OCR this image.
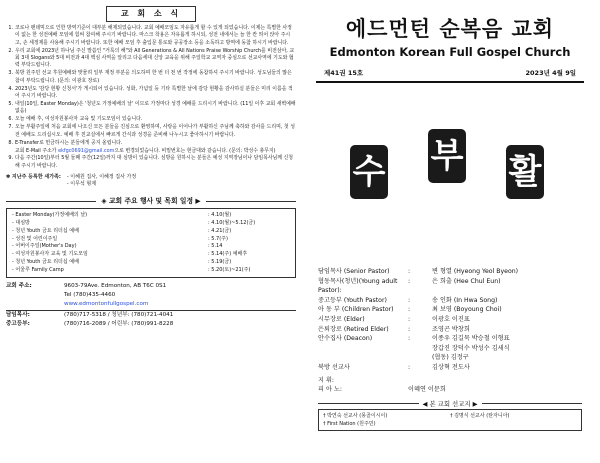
교 회 소 식
1. 코로나 팬데믹으로 인한 방역기준이 대부분 해제되었습니다. 교회 예배모임도 자유롭게 할 수 있게 되었습니다. 이제는 특별한 사정이 없는 한 성전예배 모임에 힘써 참여해 주시기 바랍니다. 마스크 착용은 자유롭게 하시되, 성전 내에서는 늘 한 칸 띄어 앉아 주시고, 손 세정제를 사용해 주시기 바랍니다. 또한 예배 모임 후 출입문 통로와 공공장소 등을 소독하고 방역에 동참 하시기 바랍니다.
2. 우리 교회에 2023년 하나님 주신 말씀인 "거룩의 해"와 All Generations & All Nations Praise Worship Church를 비전삼아, 교회 3대 Slogans와 5대 비전과 4대 핵심 사역을 알리고 다음세대 신앙 교육을 위해 주일학교 교역자 중심으로 선교사역에 기도와 협력 부탁드립니다.
3. 북방 원주민 선교 후원예배와 맞물려 일부 재정 부분을 의도하며 한 번 더 천 번 작정에 동참하셔 주시기 바랍니다. 성도님들의 많은 참여 부탁드립니다. (문의: 이광호 장로)
4. 2023년도 '감당 현황 신청서'가 게시되어 있습니다. 성화, 가념일 등 기타 특별한 날에 감당 현황을 감사하실 분들은 미리 이름을 적어 주시기 바랍니다.
5. 내일(10일, Easter Monday)은 '청년도 가정예배의 날' 이므로 가정마다 성경 예배를 드리시기 바랍니다. (11일 이후 교회 새벽예배 없음)
6. 오늘 예배 후, 여성자원봉사자 교육 및 기도모임이 있습니다.
7. 오늘 부활주일에 처음 교회에 나오신 모든 분들을 진심으로 환영하며, 사랑을 이어나가 부활하신 주님께 축하와 감사를 드리며, 첫 성전 예배도 드리십시오. 예배 후 친교실에서 빠르게 간식과 성경을 준비해 나누시고 좋아하시기 바랍니다.
8. E-Transfer로 헌금하시는 분들에게 공지 올립니다.
교회 E-Mail 주소가 ekfgc0691@gmail.com으로 변경되었습니다. 비밀번호는 현금대와 같습니다. (문의: 박성수 총무지)
9. 다음 주간(10일)부터 5월 둘째 주간(12일)까지 대 심방이 있습니다. 심방을 원하시는 분들은 예성 지역장님이나 담임목사님께 신청해 주시기 바랍니다.
✽ 지난주 등록한 새가족: - 이혜원 집사, 이혜정 집사 가정
- 이무석 형제
◈ 교회 주요 행사 및 목회 일정 ▶
- Easter Monday(가정예배의 날)	: 4.10(월)
- 대심방	: 4.10(월)~5.12(금)
- 청년 Youth 금요 리더십 예배	: 4.21(금)
- 성전 및 어린이주일	: 5.7(주)
- 어버이주일(Mother's Day)	: 5.14
- 여성자원봉사자 교육 및 기도모임	: 5.14(주) 예배후
- 청년 Youth 금요 리더십 예배	: 5.19(금)
- 어울루 Family Camp	: 5.20(토)~21(주)
교회 주소:	9603-79Ave. Edmonton, AB T6C 0S1
Tel (780)435-4460
www.edmontonfullgospel.com
담임목사:	(780)717-5318 / 청년부: (780)721-4041
중고등부:	(780)716-2089 / 어린부: (780)991-8228
에드먼턴 순복음 교회
Edmonton Korean Full Gospel Church
제41권 15호	2023년 4월 9일
수 부 활
담임목사 (Senior Pastor)	:	변 형열 (Hyeong Yeol Byeon)
협동목사(청년)(Young adult Pastor):
:	은 희출 (Hee Chul Eun)
중고등부 (Youth Pastor)	:	송 인화 (In Hwa Song)
아 동 부 (Children Pastor)	:	최 보영 (Boyoung Choi)
시무장로 (Elder)	:	이광호 이진표
은퇴장로 (Retired Elder)	:	조영곤 박창희
안수집사 (Deacon)	:	이종우 김길묵 박승철 이형표
장갑진 장덕수 박성수 김세식
(협동) 김정구
북방 선교사	:	김상혁 전도사
지 휘:
피 아 노:	이혜연 이문희
◀ 본 교회 선교지 ▶
† 박연숙 선교사 (몽골이시이)	† 김명식 선교사 (탄자니아)
† First Nation (원주민)
